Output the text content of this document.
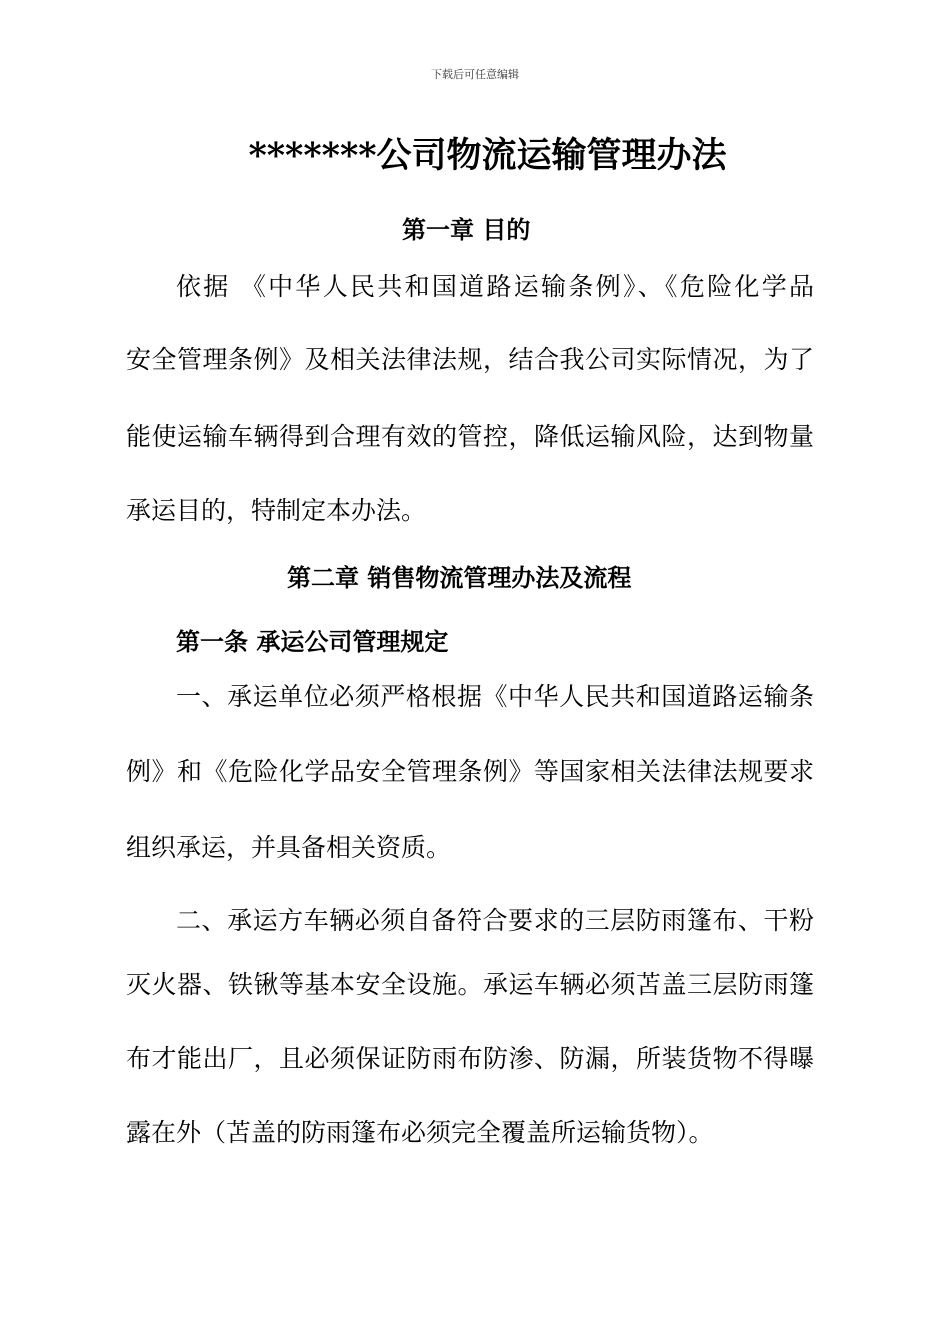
下载后可任意编辑
*******公司物流运输管理办法
第一章 目的
依据 《中华人民共和国道路运输条例》、《危险化学品
安全管理条例》及相关法律法规，结合我公司实际情况，为了
能使运输车辆得到合理有效的管控，降低运输风险，达到物量
承运目的，特制定本办法。
第二章 销售物流管理办法及流程
第一条 承运公司管理规定
一、承运单位必须严格根据《中华人民共和国道路运输条
例》和《危险化学品安全管理条例》等国家相关法律法规要求
组织承运，并具备相关资质。
二、承运方车辆必须自备符合要求的三层防雨篷布、干粉
灭火器、铁锹等基本安全设施。承运车辆必须苫盖三层防雨篷
布才能出厂，且必须保证防雨布防渗、防漏，所装货物不得曝
露在外（苫盖的防雨篷布必须完全覆盖所运输货物）。
